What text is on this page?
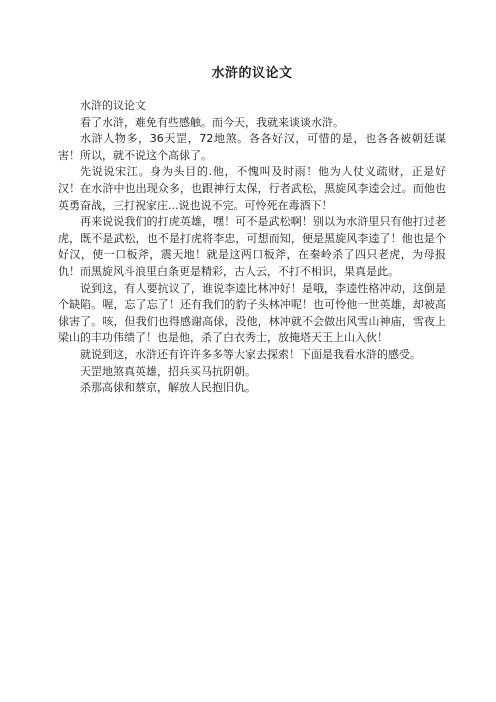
水浒的议论文

水浒的议论文

看了水浒，难免有些感触。而今天，我就来谈谈水浒。

水浒人物多，36天罡，72地煞。各各好汉，可惜的是，也各各被朝廷谋害！所以，就不说这个高俅了。

先说说宋江。身为头目的.他，不愧叫及时雨！他为人仗义疏财，正是好汉！在水浒中也出现众多，也跟神行太保，行者武松，黑旋风李逵会过。而他也英勇奋战，三打祝家庄...说也说不完。可怜死在毒酒下！

再来说说我们的打虎英雄，嘿！可不是武松啊！别以为水浒里只有他打过老虎，既不是武松，也不是打虎将李忠，可想而知，便是黑旋风李逵了！他也是个好汉，使一口板斧，震天地！就是这两口板斧，在秦岭杀了四只老虎，为母报仇！而黑旋风斗浪里白条更是精彩，古人云，不打不相识，果真是此。

说到这，有人要抗议了，谁说李逵比林冲好！是哦，李逵性格冲动，这倒是个缺陷。喔，忘了忘了！还有我们的豹子头林冲呢！也可怜他一世英雄，却被高俅害了。咳，但我们也得感谢高俅，没他，林冲就不会做出风雪山神庙，雪夜上梁山的丰功伟绩了！也是他，杀了白衣秀士，放掩塔天王上山入伙！

就说到这，水浒还有许许多多等大家去探索！下面是我看水浒的感受。

天罡地煞真英雄，招兵买马抗阴朝。

杀那高俅和蔡京，解放人民抱旧仇。
